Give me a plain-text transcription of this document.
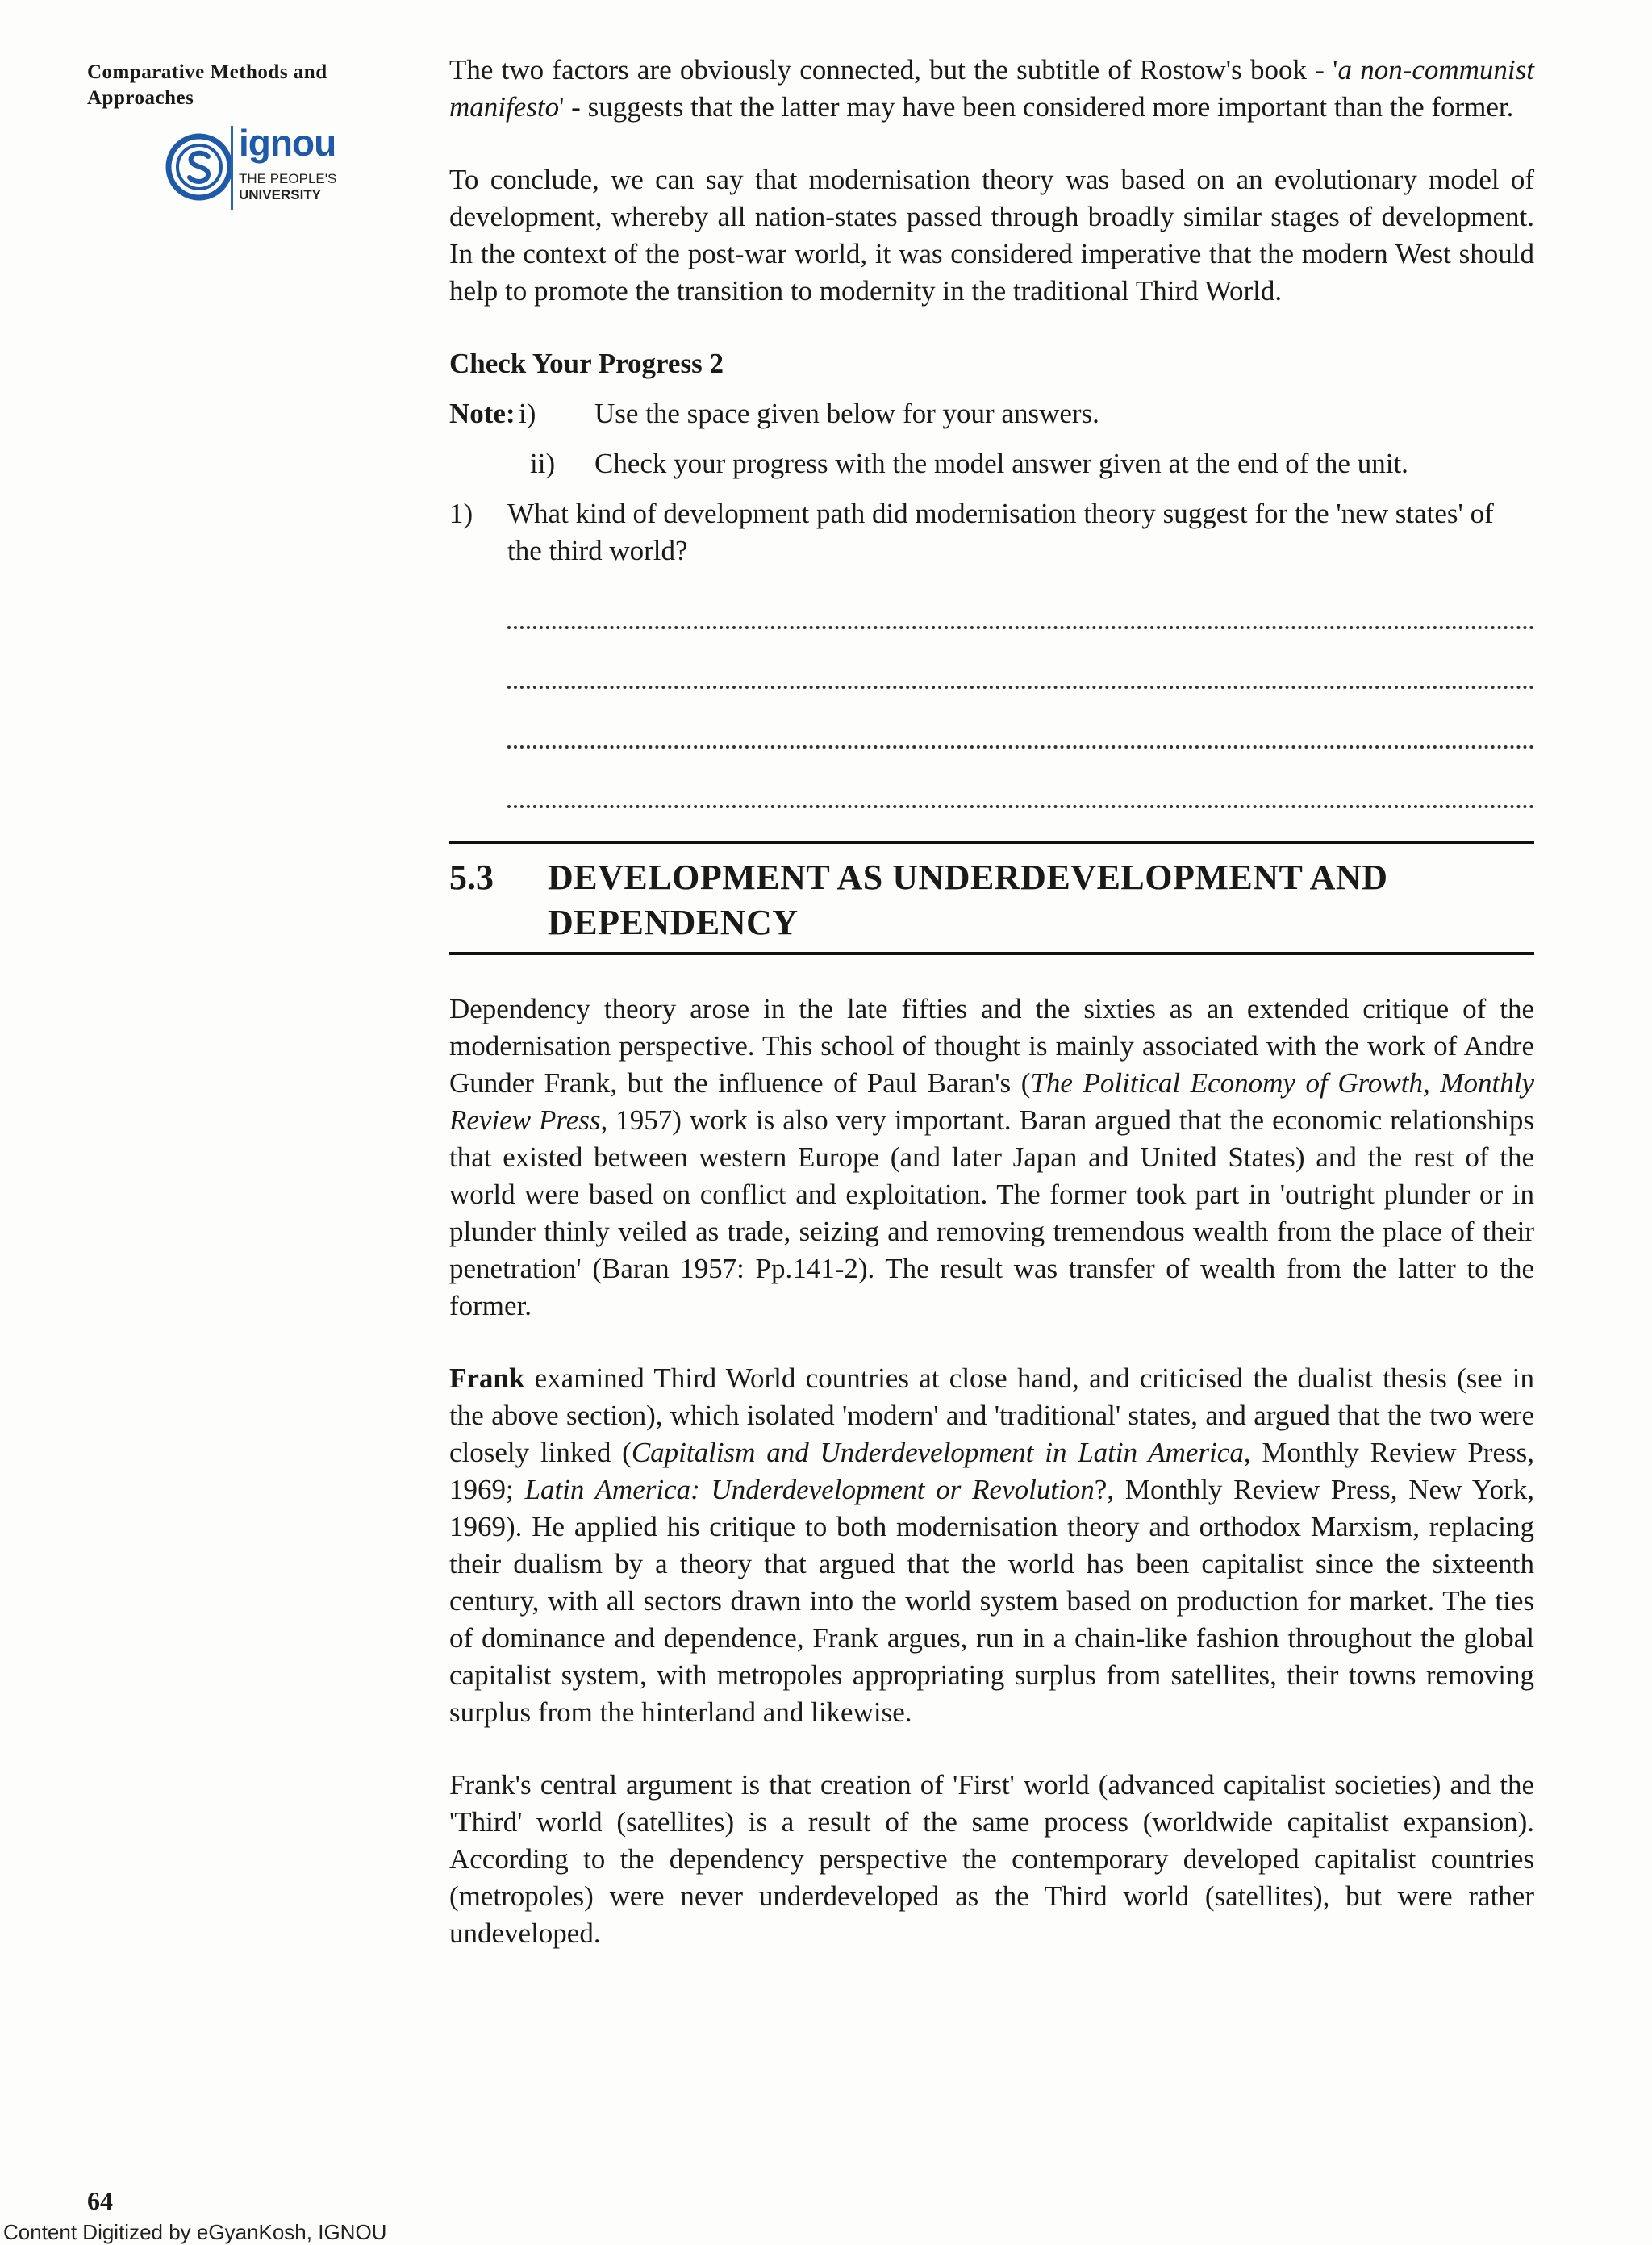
Comparative Methods and Approaches
ignou
THE PEOPLE'S
UNIVERSITY

The two factors are obviously connected, but the subtitle of Rostow's book - 'a non-communist manifesto' - suggests that the latter may have been considered more important than the former.

To conclude, we can say that modernisation theory was based on an evolutionary model of development, whereby all nation-states passed through broadly similar stages of development. In the context of the post-war world, it was considered imperative that the modern West should help to promote the transition to modernity in the traditional Third World.

Check Your Progress 2
Note: i) Use the space given below for your answers.
ii) Check your progress with the model answer given at the end of the unit.
1) What kind of development path did modernisation theory suggest for the 'new states' of the third world?
5.3 DEVELOPMENT AS UNDERDEVELOPMENT AND DEPENDENCY

Dependency theory arose in the late fifties and the sixties as an extended critique of the modernisation perspective. This school of thought is mainly associated with the work of Andre Gunder Frank, but the influence of Paul Baran's (The Political Economy of Growth, Monthly Review Press, 1957) work is also very important. Baran argued that the economic relationships that existed between western Europe (and later Japan and United States) and the rest of the world were based on conflict and exploitation. The former took part in 'outright plunder or in plunder thinly veiled as trade, seizing and removing tremendous wealth from the place of their penetration' (Baran 1957: Pp.141-2). The result was transfer of wealth from the latter to the former.

Frank examined Third World countries at close hand, and criticised the dualist thesis (see in the above section), which isolated 'modern' and 'traditional' states, and argued that the two were closely linked (Capitalism and Underdevelopment in Latin America, Monthly Review Press, 1969; Latin America: Underdevelopment or Revolution?, Monthly Review Press, New York, 1969). He applied his critique to both modernisation theory and orthodox Marxism, replacing their dualism by a theory that argued that the world has been capitalist since the sixteenth century, with all sectors drawn into the world system based on production for market. The ties of dominance and dependence, Frank argues, run in a chain-like fashion throughout the global capitalist system, with metropoles appropriating surplus from satellites, their towns removing surplus from the hinterland and likewise.

Frank's central argument is that creation of 'First' world (advanced capitalist societies) and the 'Third' world (satellites) is a result of the same process (worldwide capitalist expansion). According to the dependency perspective the contemporary developed capitalist countries (metropoles) were never underdeveloped as the Third world (satellites), but were rather undeveloped.

64
Content Digitized by eGyanKosh, IGNOU
